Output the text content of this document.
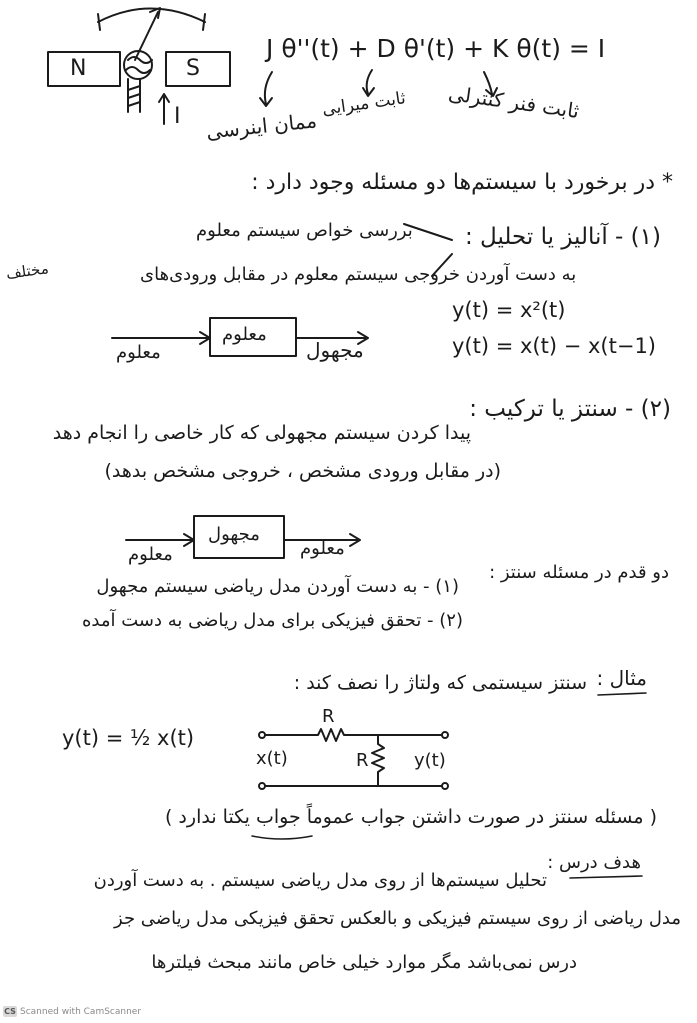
N	S
I
J θ''(t) + D θ'(t) + K θ(t) = I
ممان اینرسی
ثابت میرایی ثابت فنر کنترلی
* در برخورد با سیستم‌ها دو مسئله وجود دارد :
(۱) - آنالیز یا تحلیل :
بررسی خواص سیستم معلوم
به دست آوردن خروجی سیستم معلوم در مقابل ورودی‌های
مختلف
y(t) = x²(t)
y(t) = x(t) − x(t−1)
معلوم
معلوم	مجهول
(۲) - سنتز یا ترکیب :
پیدا کردن سیستم مجهولی که کار خاصی را انجام دهد
(در مقابل ورودی مشخص ، خروجی مشخص بدهد)
مجهول
معلوم	معلوم
دو قدم در مسئله سنتز :
(۱) - به دست آوردن مدل ریاضی سیستم مجهول
(۲) - تحقق فیزیکی برای مدل ریاضی به دست آمده
مثال :
سنتز سیستمی که ولتاژ را نصف کند :
y(t) = ½ x(t)
R
R
x(t)	y(t)
( مسئله سنتز در صورت داشتن جواب عموماً جواب یکتا ندارد )
هدف درس :
تحلیل سیستم‌ها از روی مدل ریاضی سیستم . به دست آوردن
مدل ریاضی از روی سیستم فیزیکی و بالعکس تحقق فیزیکی مدل ریاضی جز
درس نمی‌باشد مگر موارد خیلی خاص مانند مبحث فیلترها
CS Scanned with CamScanner
